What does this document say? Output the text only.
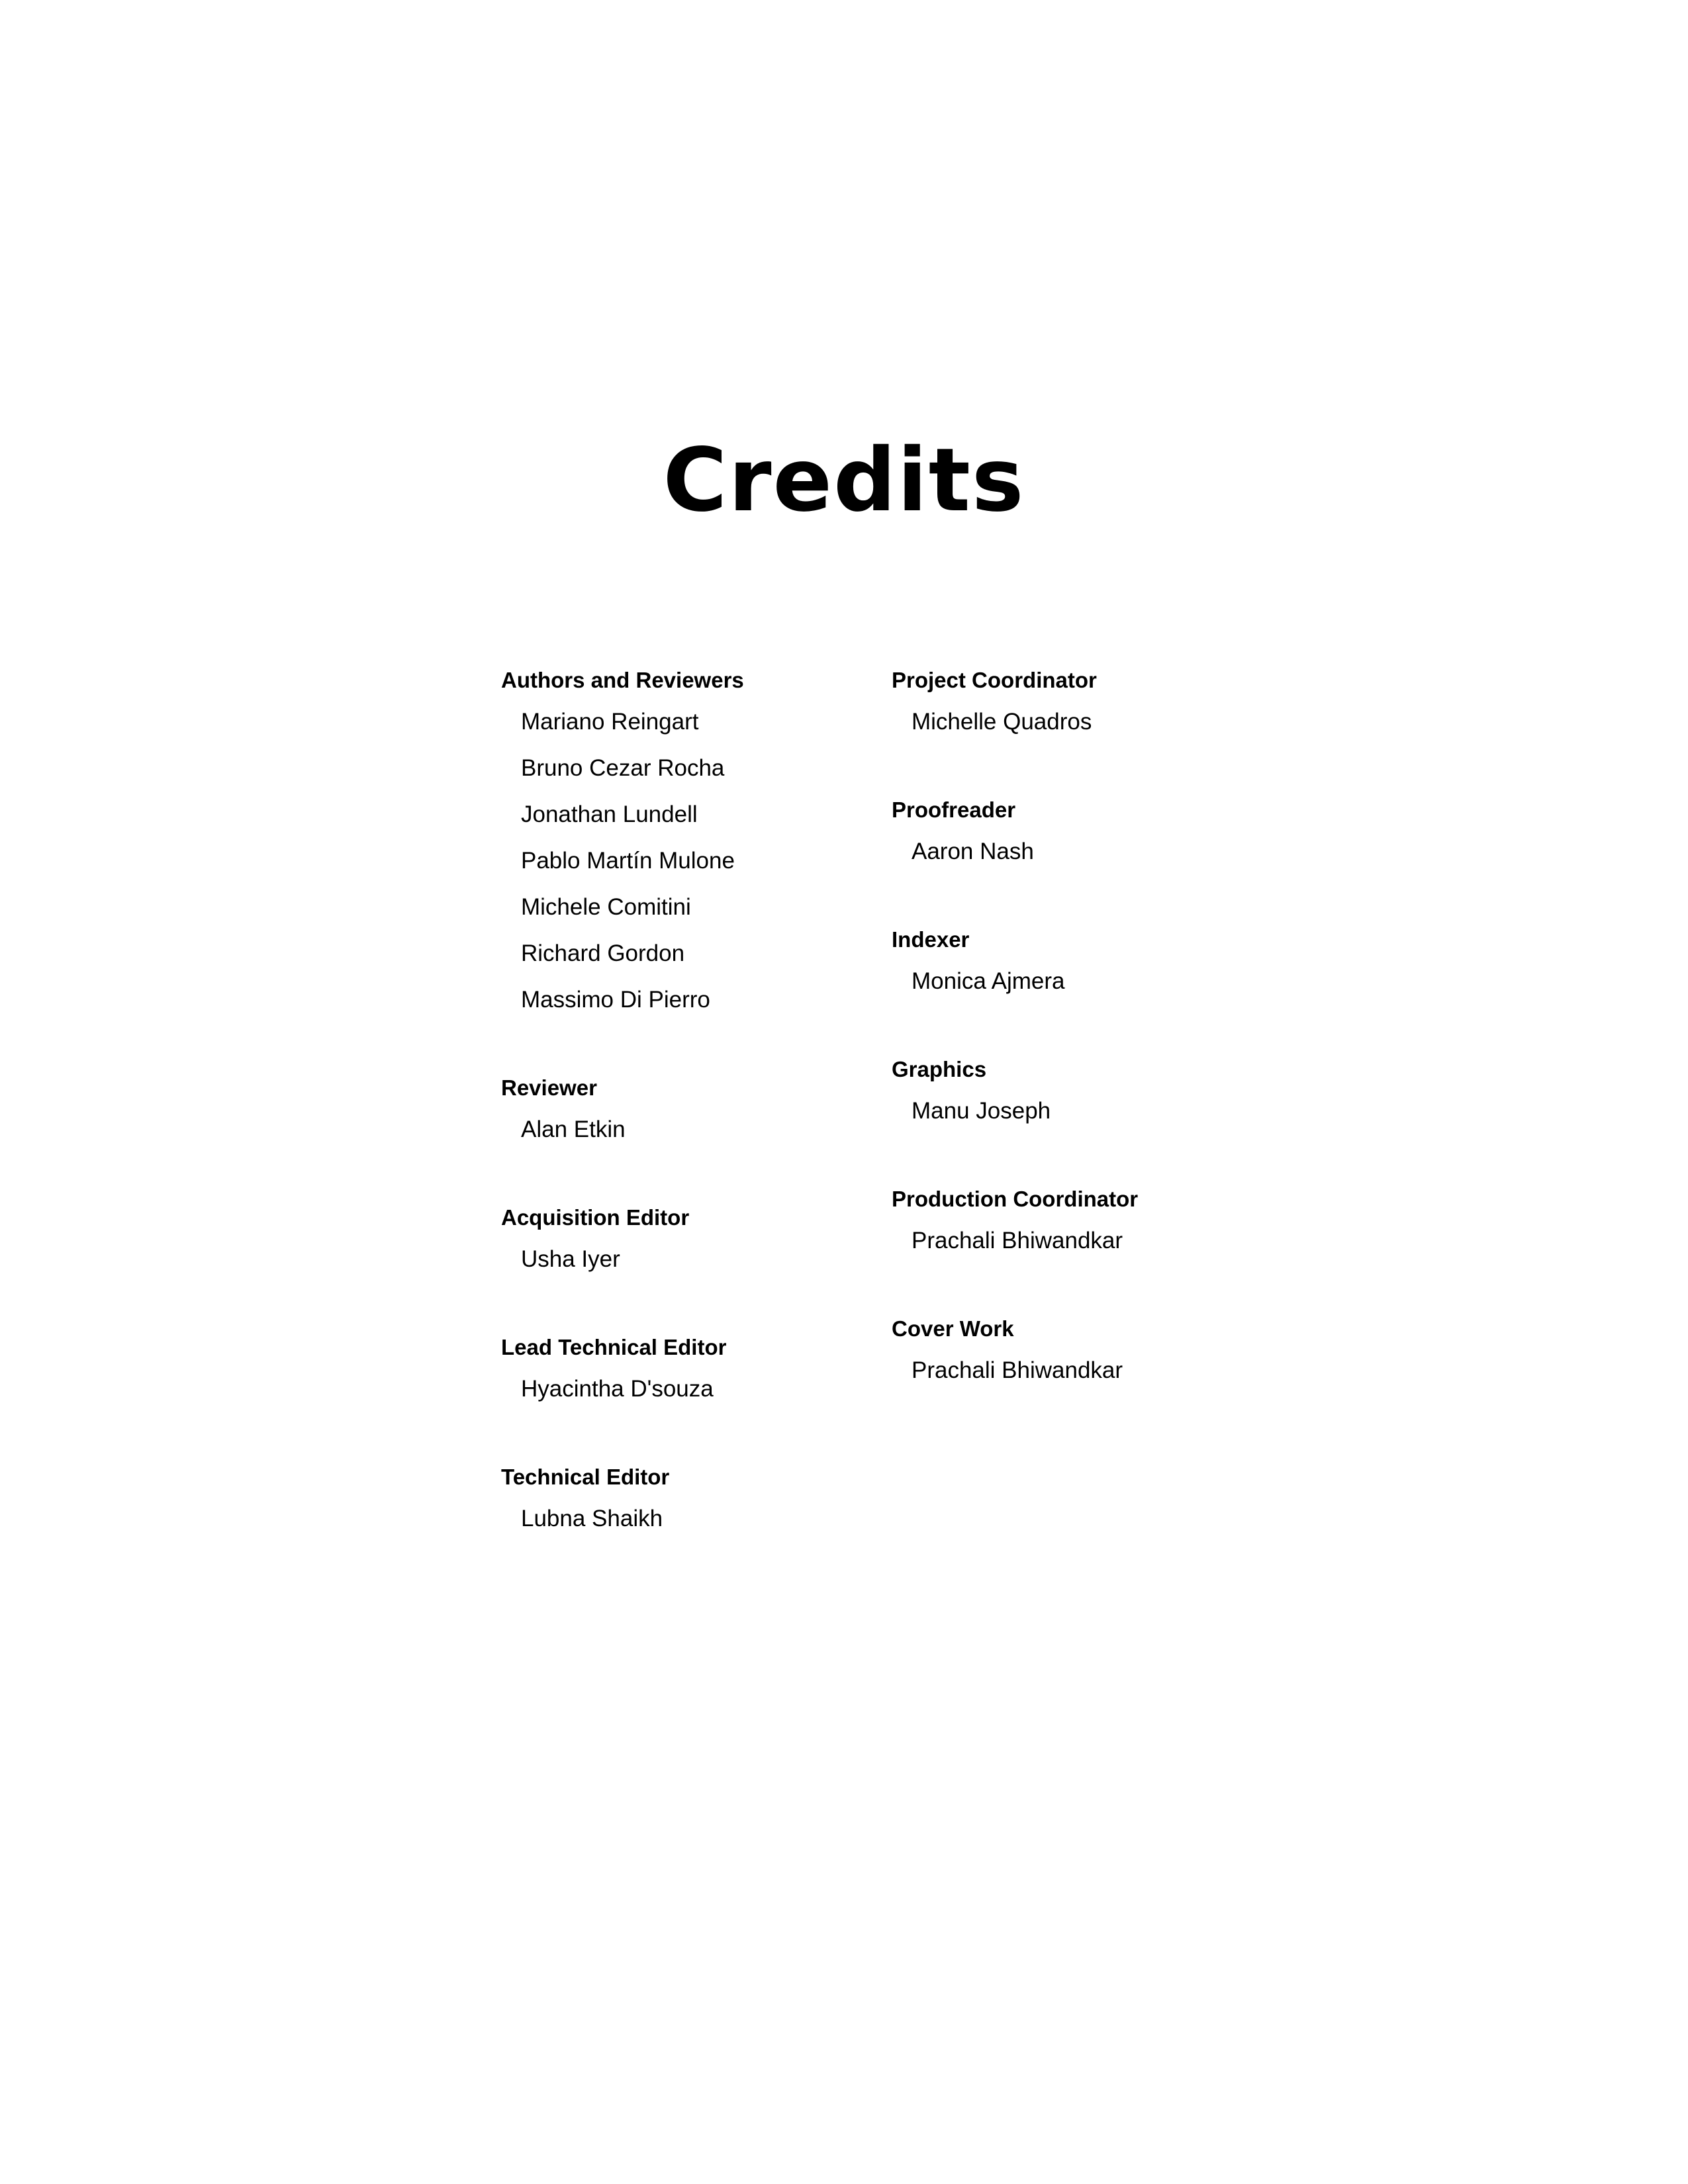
Credits
Authors and Reviewers
Mariano Reingart
Bruno Cezar Rocha
Jonathan Lundell
Pablo Martín Mulone
Michele Comitini
Richard Gordon
Massimo Di Pierro
Reviewer
Alan Etkin
Acquisition Editor
Usha Iyer
Lead Technical Editor
Hyacintha D'souza
Technical Editor
Lubna Shaikh
Project Coordinator
Michelle Quadros
Proofreader
Aaron Nash
Indexer
Monica Ajmera
Graphics
Manu Joseph
Production Coordinator
Prachali Bhiwandkar
Cover Work
Prachali Bhiwandkar
